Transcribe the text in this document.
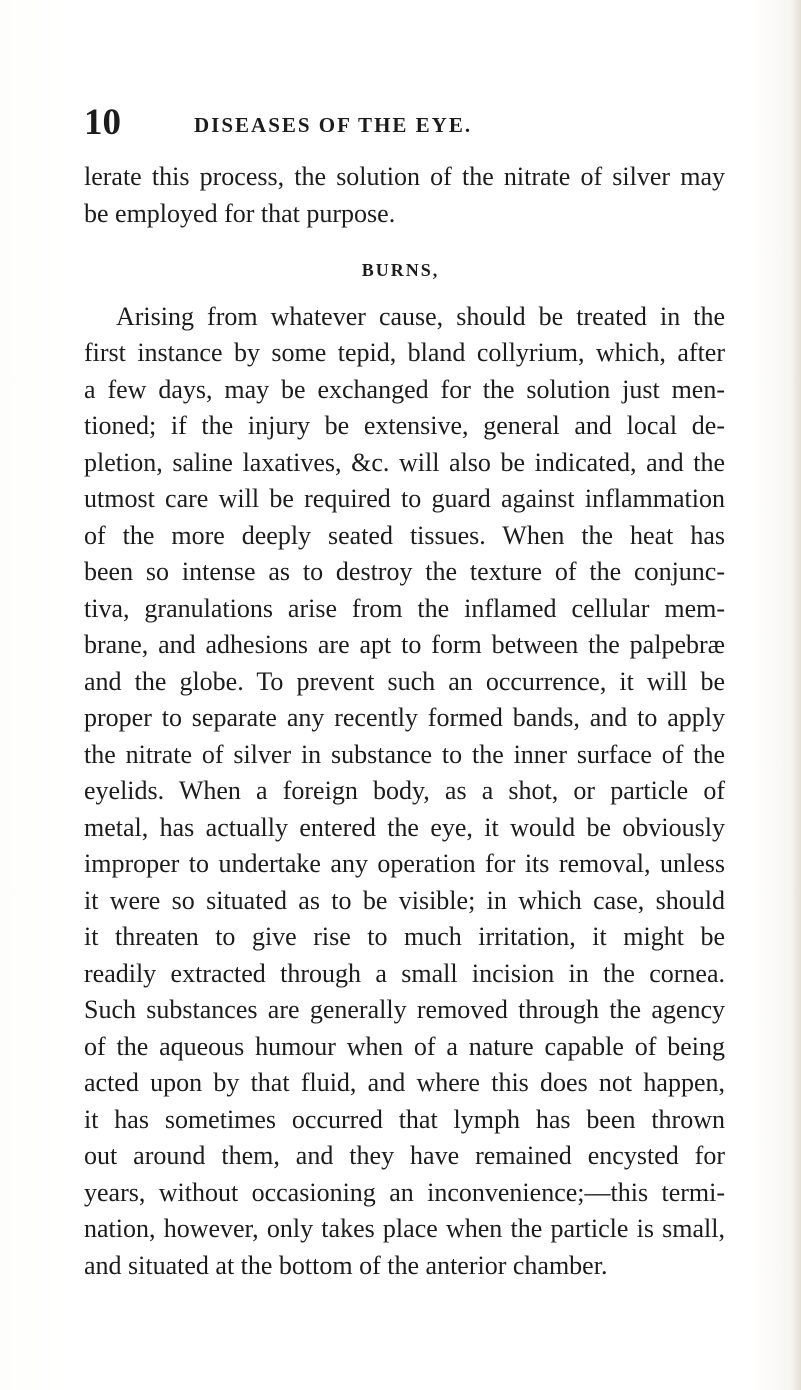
10	DISEASES OF THE EYE.
lerate this process, the solution of the nitrate of silver may
be employed for that purpose.
BURNS,
Arising from whatever cause, should be treated in the
first instance by some tepid, bland collyrium, which, after
a few days, may be exchanged for the solution just men-
tioned; if the injury be extensive, general and local de-
pletion, saline laxatives, &c. will also be indicated, and the
utmost care will be required to guard against inflammation
of the more deeply seated tissues. When the heat has
been so intense as to destroy the texture of the conjunc-
tiva, granulations arise from the inflamed cellular mem-
brane, and adhesions are apt to form between the palpebræ
and the globe. To prevent such an occurrence, it will be
proper to separate any recently formed bands, and to apply
the nitrate of silver in substance to the inner surface of the
eyelids. When a foreign body, as a shot, or particle of
metal, has actually entered the eye, it would be obviously
improper to undertake any operation for its removal, unless
it were so situated as to be visible; in which case, should
it threaten to give rise to much irritation, it might be
readily extracted through a small incision in the cornea.
Such substances are generally removed through the agency
of the aqueous humour when of a nature capable of being
acted upon by that fluid, and where this does not happen,
it has sometimes occurred that lymph has been thrown
out around them, and they have remained encysted for
years, without occasioning an inconvenience;—this termi-
nation, however, only takes place when the particle is small,
and situated at the bottom of the anterior chamber.
